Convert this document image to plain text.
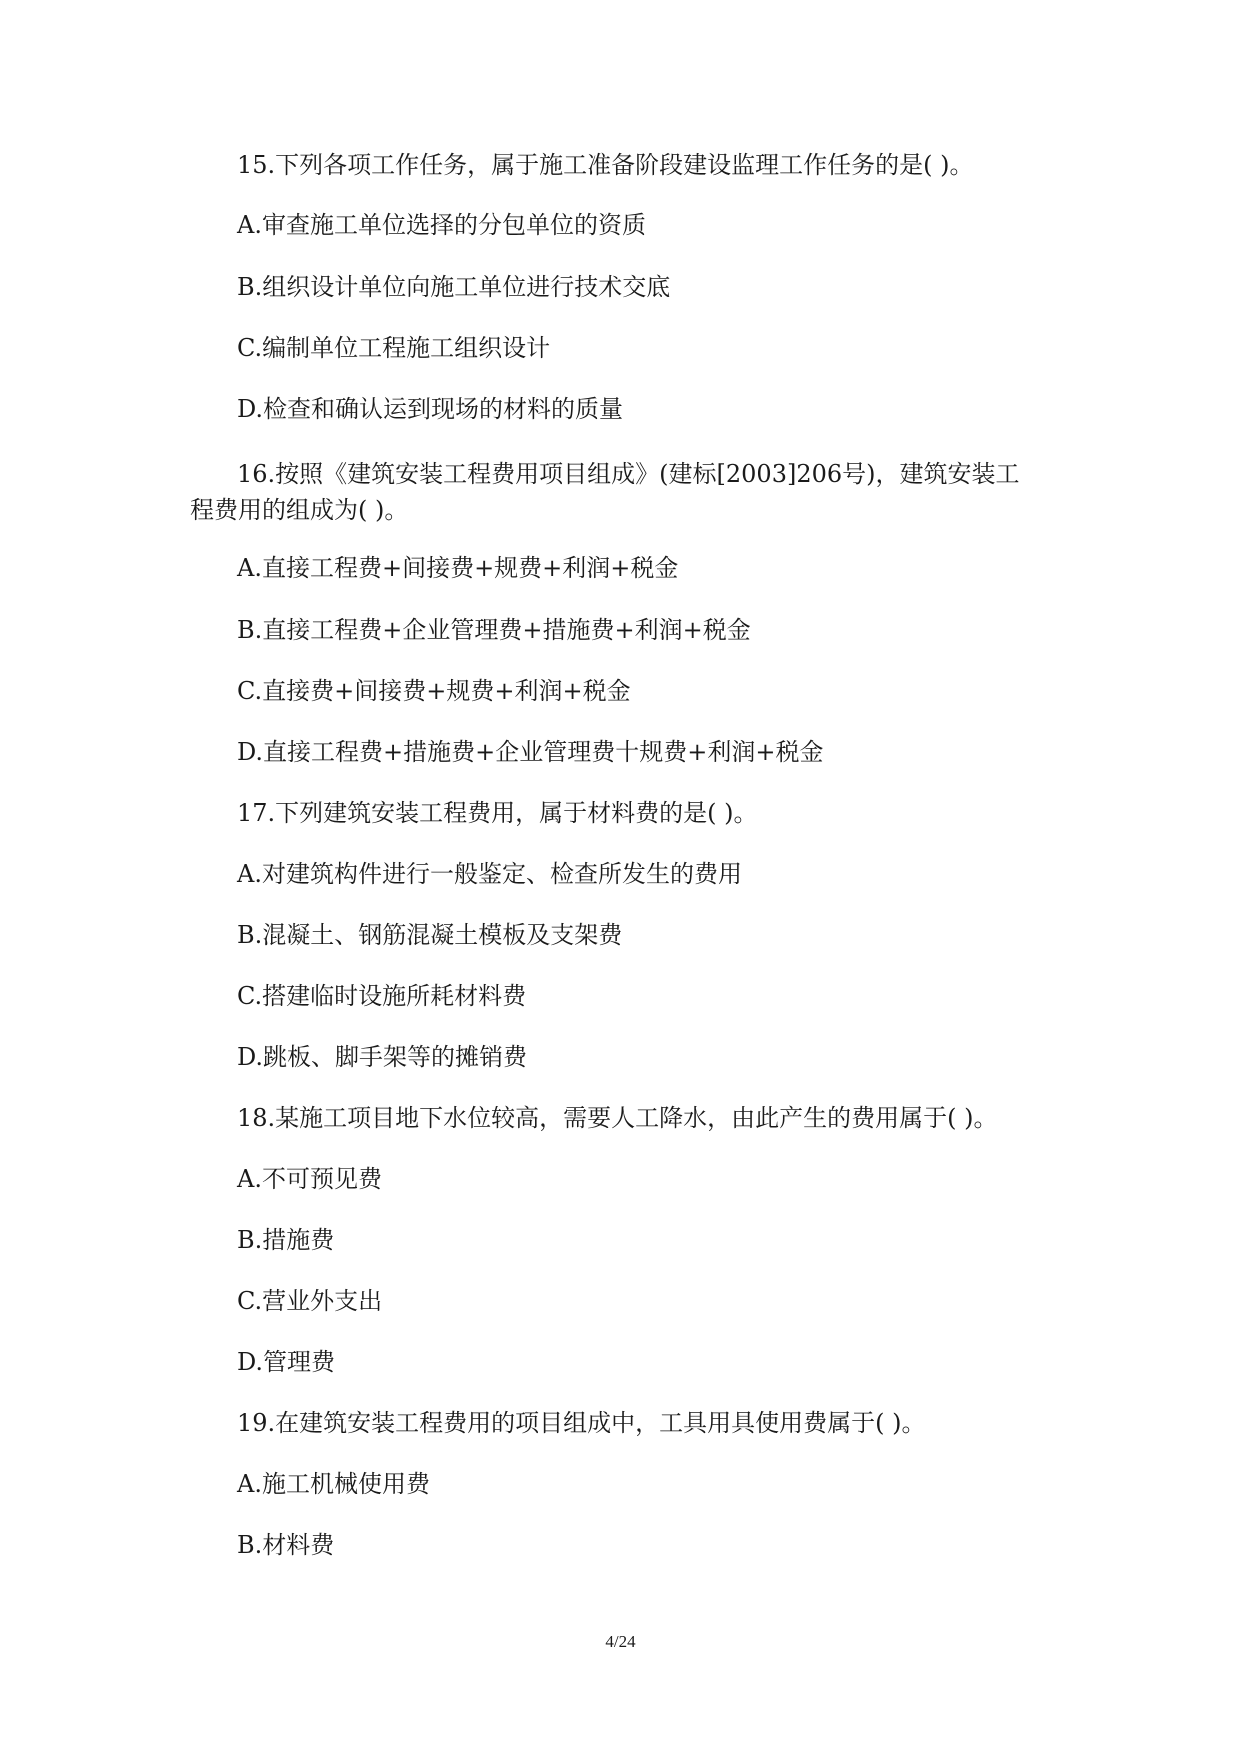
15.下列各项工作任务，属于施工准备阶段建设监理工作任务的是( )。
A.审查施工单位选择的分包单位的资质
B.组织设计单位向施工单位进行技术交底
C.编制单位工程施工组织设计
D.检查和确认运到现场的材料的质量
16.按照《建筑安装工程费用项目组成》(建标[2003]206号)，建筑安装工
程费用的组成为( )。
A.直接工程费+间接费+规费+利润+税金
B.直接工程费+企业管理费+措施费+利润+税金
C.直接费+间接费+规费+利润+税金
D.直接工程费+措施费+企业管理费十规费+利润+税金
17.下列建筑安装工程费用，属于材料费的是( )。
A.对建筑构件进行一般鉴定、检查所发生的费用
B.混凝土、钢筋混凝土模板及支架费
C.搭建临时设施所耗材料费
D.跳板、脚手架等的摊销费
18.某施工项目地下水位较高，需要人工降水，由此产生的费用属于( )。
A.不可预见费
B.措施费
C.营业外支出
D.管理费
19.在建筑安装工程费用的项目组成中，工具用具使用费属于( )。
A.施工机械使用费
B.材料费
4/24
